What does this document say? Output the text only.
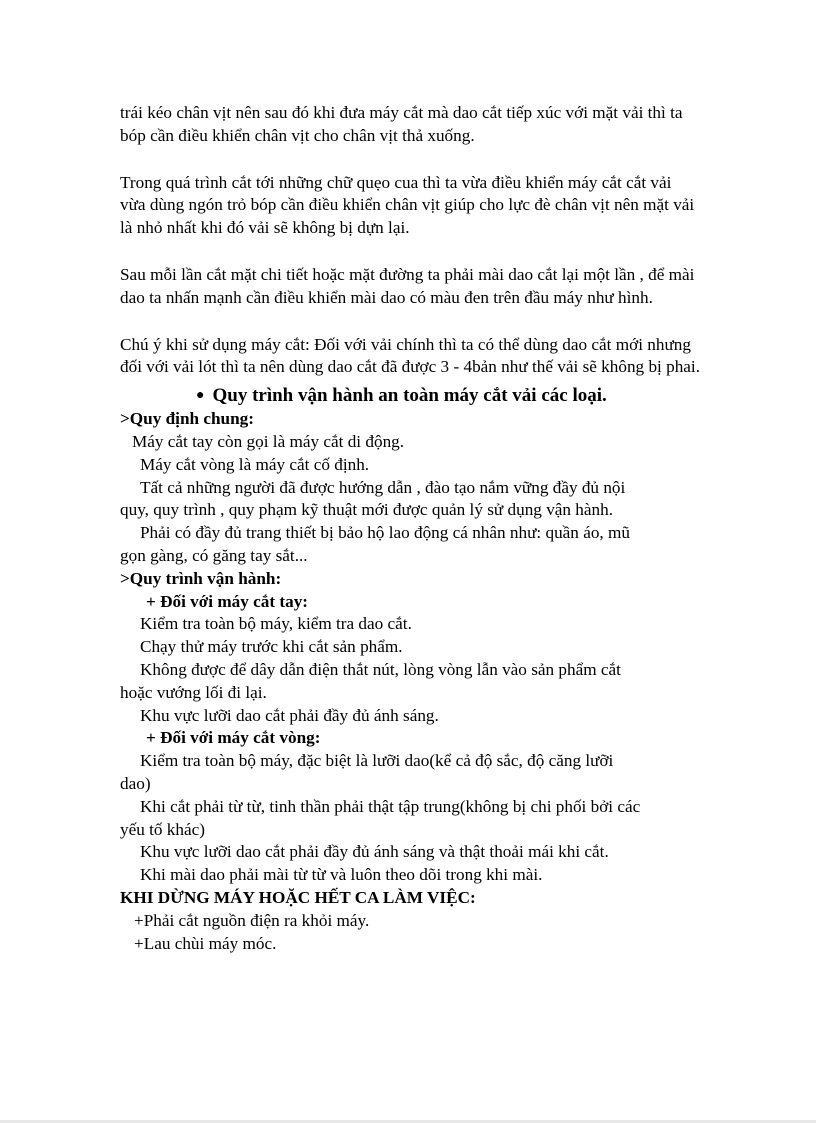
trái kéo chân vịt nên sau đó khi đưa máy cắt mà dao cắt tiếp xúc với mặt vải thì ta bóp cần điều khiển chân vịt cho chân vịt thả xuống.

Trong quá trình cắt tới những chữ quẹo cua thì ta vừa điều khiển máy cắt cắt vải vừa dùng ngón trỏ bóp cần điều khiển chân vịt giúp cho lực đè chân vịt nên mặt vải là nhỏ nhất khi đó vải sẽ không bị dựn lại.

Sau mỗi lần cắt mặt chi tiết hoặc mặt đường ta phải mài dao cắt lại một lần , để mài dao ta nhấn mạnh cần điều khiển mài dao có màu đen trên đầu máy như hình.

Chú ý khi sử dụng máy cắt: Đối với vải chính thì ta có thể dùng dao cắt mới nhưng đối với vải lót thì ta nên dùng dao cắt đã được 3 - 4bản như thế vải sẽ không bị phai.

● Quy trình vận hành an toàn máy cắt vải các loại.

>Quy định chung:

Máy cắt tay còn gọi là máy cắt di động.

Máy cắt vòng là máy cắt cố định.

Tất cả những người đã được hướng dẫn , đào tạo nắm vững đầy đủ nội
quy, quy trình , quy phạm kỹ thuật mới được quản lý sử dụng vận hành.
Phải có đầy đủ trang thiết bị bảo hộ lao động cá nhân như: quần áo, mũ
gọn gàng, có găng tay sắt...

>Quy trình vận hành:

+ Đối với máy cắt tay:

Kiểm tra toàn bộ máy, kiểm tra dao cắt.

Chạy thử máy trước khi cắt sản phẩm.

Không được để dây dẫn điện thắt nút, lòng vòng lẫn vào sản phẩm cắt
hoặc vướng lối đi lại.

Khu vực lưỡi dao cắt phải đầy đủ ánh sáng.

+ Đối với máy cắt vòng:

Kiểm tra toàn bộ máy, đặc biệt là lưỡi dao(kể cả độ sắc, độ căng lưỡi
dao)
Khi cắt phải từ từ, tinh thần phải thật tập trung(không bị chi phối bởi các
yếu tố khác)

Khu vực lưỡi dao cắt phải đầy đủ ánh sáng và thật thoải mái khi cắt.

Khi mài dao phải mài từ từ và luôn theo dõi trong khi mài.

KHI DỪNG MÁY HOẶC HẾT CA LÀM VIỆC:

+Phải cắt nguồn điện ra khỏi máy.

+Lau chùi máy móc.
